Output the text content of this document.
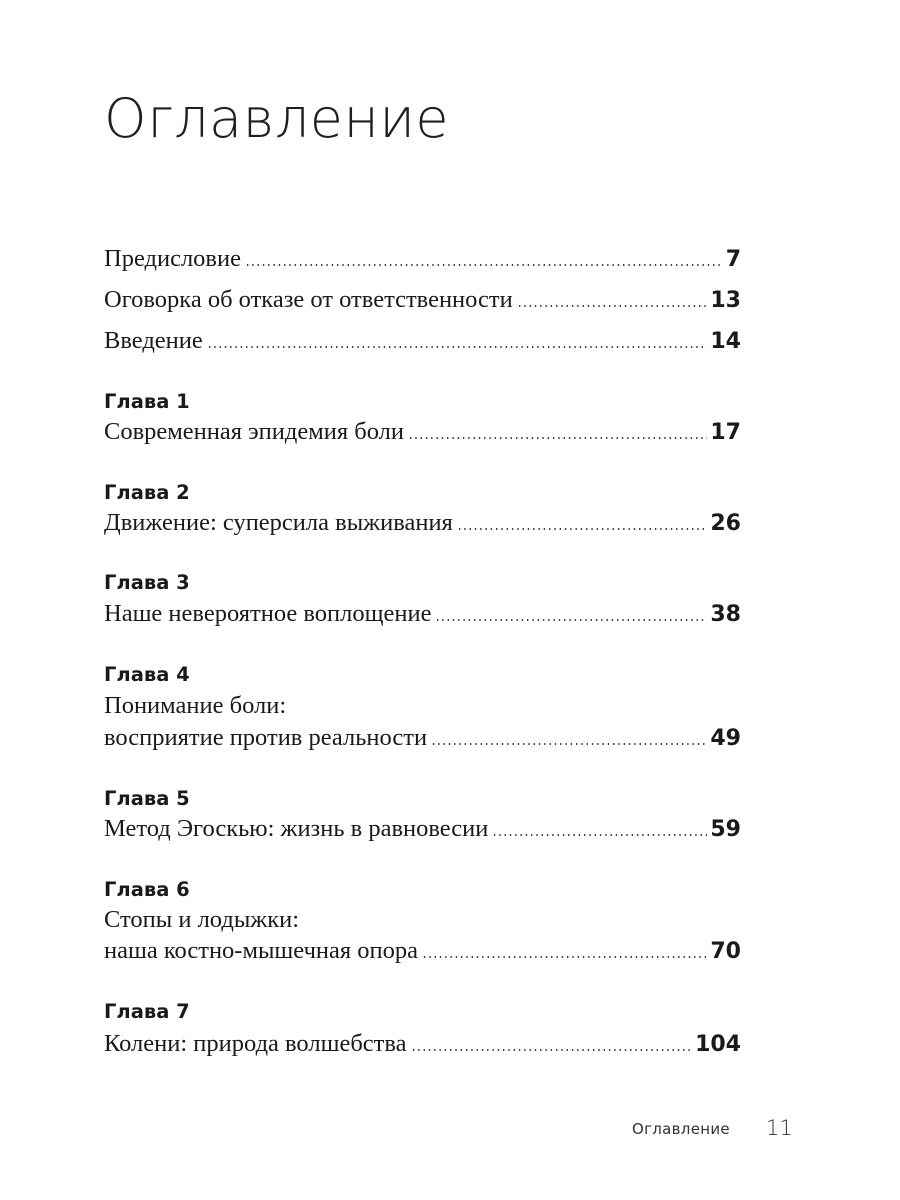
Оглавление
Предисловие	7
Оговорка об отказе от ответственности	13
Введение	14
Глава 1
Современная эпидемия боли	17
Глава 2
Движение: суперсила выживания	26
Глава 3
Наше невероятное воплощение	38
Глава 4
Понимание боли:
восприятие против реальности	49
Глава 5
Метод Эгоскью: жизнь в равновесии	59
Глава 6
Стопы и лодыжки:
наша костно-мышечная опора	70
Глава 7
Колени: природа волшебства	104
Оглавление 11
